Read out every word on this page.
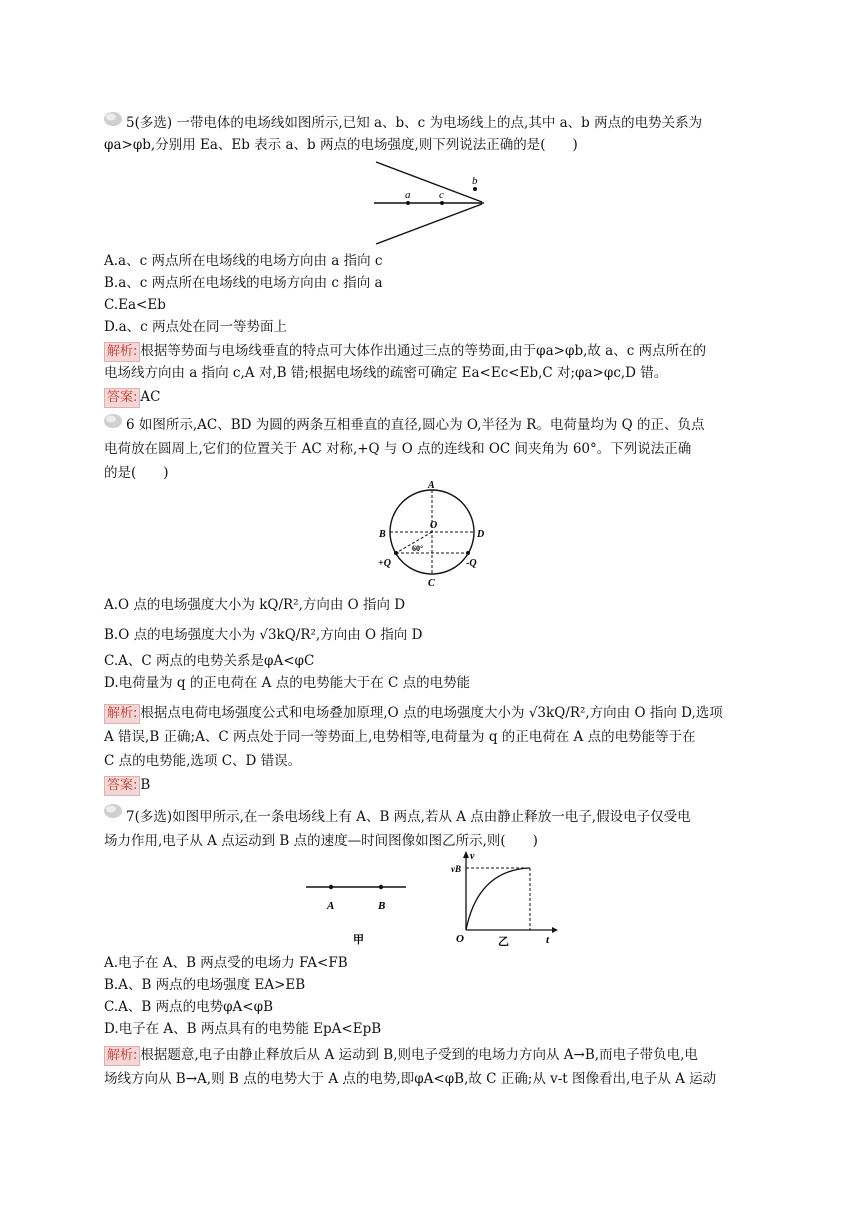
5(多选) 一带电体的电场线如图所示,已知 a、b、c 为电场线上的点,其中 a、b 两点的电势关系为
φa>φb,分别用 Ea、Eb 表示 a、b 两点的电场强度,则下列说法正确的是(　　)
a	c
b
A.a、c 两点所在电场线的电场方向由 a 指向 c
B.a、c 两点所在电场线的电场方向由 c 指向 a
C.Ea<Eb
D.a、c 两点处在同一等势面上
解析: 根据等势面与电场线垂直的特点可大体作出通过三点的等势面,由于φa>φb,故 a、c 两点所在的
电场线方向由 a 指向 c,A 对,B 错;根据电场线的疏密可确定 Ea<Ec<Eb,C 对;φa>φc,D 错。
答案: AC
6 如图所示,AC、BD 为圆的两条互相垂直的直径,圆心为 O,半径为 R。电荷量均为 Q 的正、负点
电荷放在圆周上,它们的位置关于 AC 对称,+Q 与 O 点的连线和 OC 间夹角为 60°。下列说法正确
的是(　　)
A
B	D
C
O
60°
+Q	-Q
A.O 点的电场强度大小为 kQ/R²,方向由 O 指向 D
B.O 点的电场强度大小为 √3kQ/R²,方向由 O 指向 D
C.A、C 两点的电势关系是φA<φC
D.电荷量为 q 的正电荷在 A 点的电势能大于在 C 点的电势能
解析: 根据点电荷电场强度公式和电场叠加原理,O 点的电场强度大小为 √3kQ/R²,方向由 O 指向 D,选项
A 错误,B 正确;A、C 两点处于同一等势面上,电势相等,电荷量为 q 的正电荷在 A 点的电势能等于在
C 点的电势能,选项 C、D 错误。
答案: B
7(多选)如图甲所示,在一条电场线上有 A、B 两点,若从 A 点由静止释放一电子,假设电子仅受电
场力作用,电子从 A 点运动到 B 点的速度—时间图像如图乙所示,则(　　)
A	B
甲
vB
v
O	t
乙
A.电子在 A、B 两点受的电场力 FA<FB
B.A、B 两点的电场强度 EA>EB
C.A、B 两点的电势φA<φB
D.电子在 A、B 两点具有的电势能 EpA<EpB
解析: 根据题意,电子由静止释放后从 A 运动到 B,则电子受到的电场力方向从 A→B,而电子带负电,电
场线方向从 B→A,则 B 点的电势大于 A 点的电势,即φA<φB,故 C 正确;从 v-t 图像看出,电子从 A 运动
